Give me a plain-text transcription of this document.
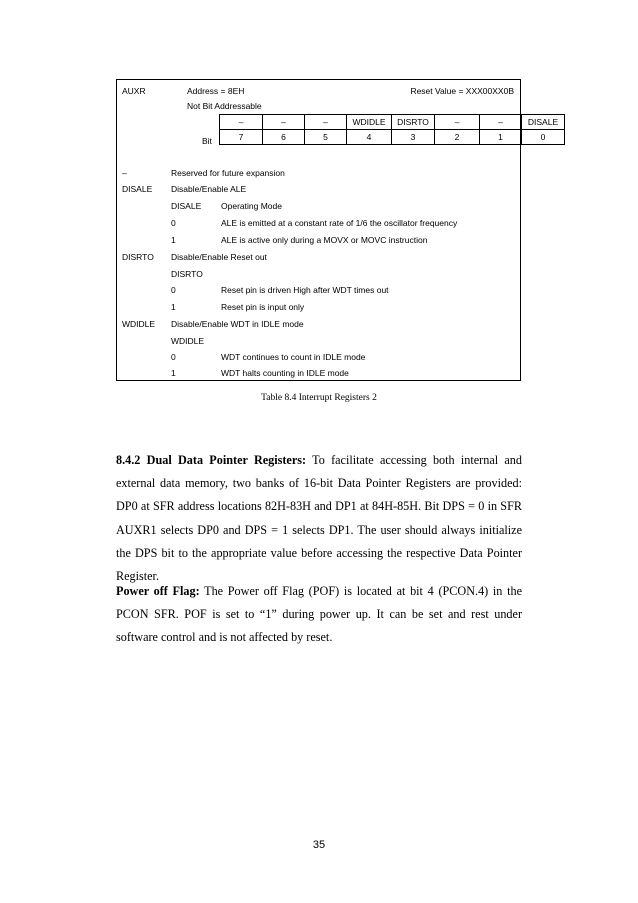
AUXR	Address = 8EH	Reset Value = XXX00XX0B
Not Bit Addressable
Bit
–	Reserved for future expansion
DISALE Disable/Enable ALE
DISALE Operating Mode
0	ALE is emitted at a constant rate of 1/6 the oscillator frequency
1	ALE is active only during a MOVX or MOVC instruction
DISRTO Disable/Enable Reset out
DISRTO
0	Reset pin is driven High after WDT times out
1	Reset pin is input only
WDIDLE Disable/Enable WDT in IDLE mode
WDIDLE
0	WDT continues to count in IDLE mode
1	WDT halts counting in IDLE mode
–	–	–	WDIDLE	DISRTO	–	–	DISALE
7	6	5	4	3	2	1	0
Table 8.4 Interrupt Registers 2

8.4.2 Dual Data Pointer Registers: To facilitate accessing both internal and external data memory, two banks of 16-bit Data Pointer Registers are provided: DP0 at SFR address locations 82H-83H and DP1 at 84H-85H. Bit DPS = 0 in SFR AUXR1 selects DP0 and DPS = 1 selects DP1. The user should always initialize the DPS bit to the appropriate value before accessing the respective Data Pointer Register.

Power off Flag: The Power off Flag (POF) is located at bit 4 (PCON.4) in the PCON SFR. POF is set to “1” during power up. It can be set and rest under software control and is not affected by reset.

35
